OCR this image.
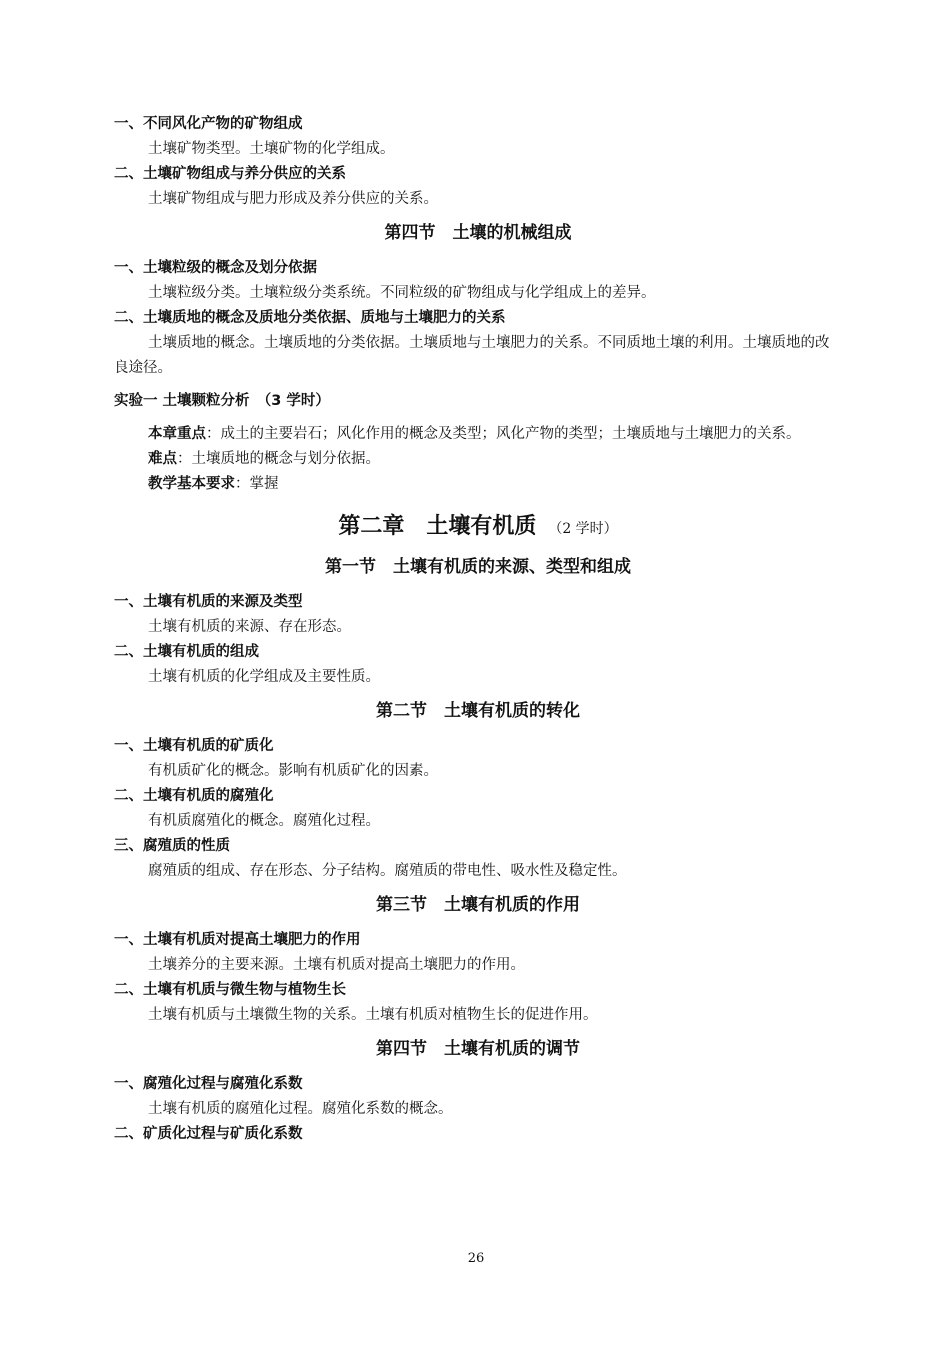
一、不同风化产物的矿物组成
土壤矿物类型。土壤矿物的化学组成。
二、土壤矿物组成与养分供应的关系
土壤矿物组成与肥力形成及养分供应的关系。
第四节　土壤的机械组成
一、土壤粒级的概念及划分依据
土壤粒级分类。土壤粒级分类系统。不同粒级的矿物组成与化学组成上的差异。
二、土壤质地的概念及质地分类依据、质地与土壤肥力的关系
土壤质地的概念。土壤质地的分类依据。土壤质地与土壤肥力的关系。不同质地土壤的利用。土壤质地的改良途径。
实验一 土壤颗粒分析　（3 学时）
本章重点：成土的主要岩石；风化作用的概念及类型；风化产物的类型；土壤质地与土壤肥力的关系。
难点：土壤质地的概念与划分依据。
教学基本要求：掌握
第二章　土壤有机质 （2 学时）
第一节　土壤有机质的来源、类型和组成
一、土壤有机质的来源及类型
土壤有机质的来源、存在形态。
二、土壤有机质的组成
土壤有机质的化学组成及主要性质。
第二节　土壤有机质的转化
一、土壤有机质的矿质化
有机质矿化的概念。影响有机质矿化的因素。
二、土壤有机质的腐殖化
有机质腐殖化的概念。腐殖化过程。
三、腐殖质的性质
腐殖质的组成、存在形态、分子结构。腐殖质的带电性、吸水性及稳定性。
第三节　土壤有机质的作用
一、土壤有机质对提高土壤肥力的作用
土壤养分的主要来源。土壤有机质对提高土壤肥力的作用。
二、土壤有机质与微生物与植物生长
土壤有机质与土壤微生物的关系。土壤有机质对植物生长的促进作用。
第四节　土壤有机质的调节
一、腐殖化过程与腐殖化系数
土壤有机质的腐殖化过程。腐殖化系数的概念。
二、矿质化过程与矿质化系数
26
